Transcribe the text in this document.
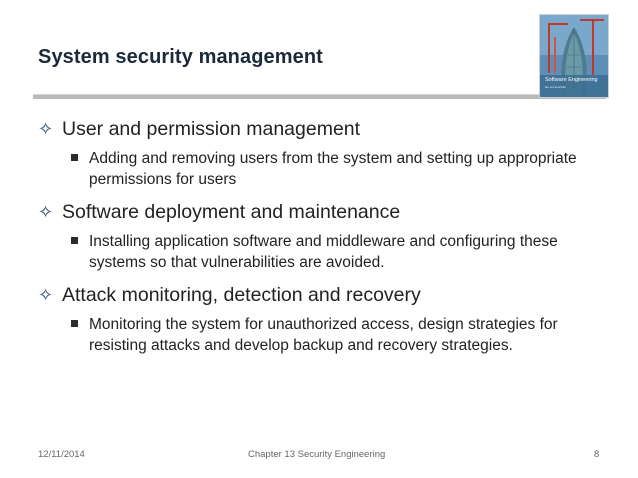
System security management
Software Engineering
ian sommerville
✧ User and permission management
Adding and removing users from the system and setting up appropriate permissions for users
✧ Software deployment and maintenance
Installing application software and middleware and configuring these systems so that vulnerabilities are avoided.
✧ Attack monitoring, detection and recovery
Monitoring the system for unauthorized access, design strategies for resisting attacks and develop backup and recovery strategies.
12/11/2014	Chapter 13 Security Engineering	8
